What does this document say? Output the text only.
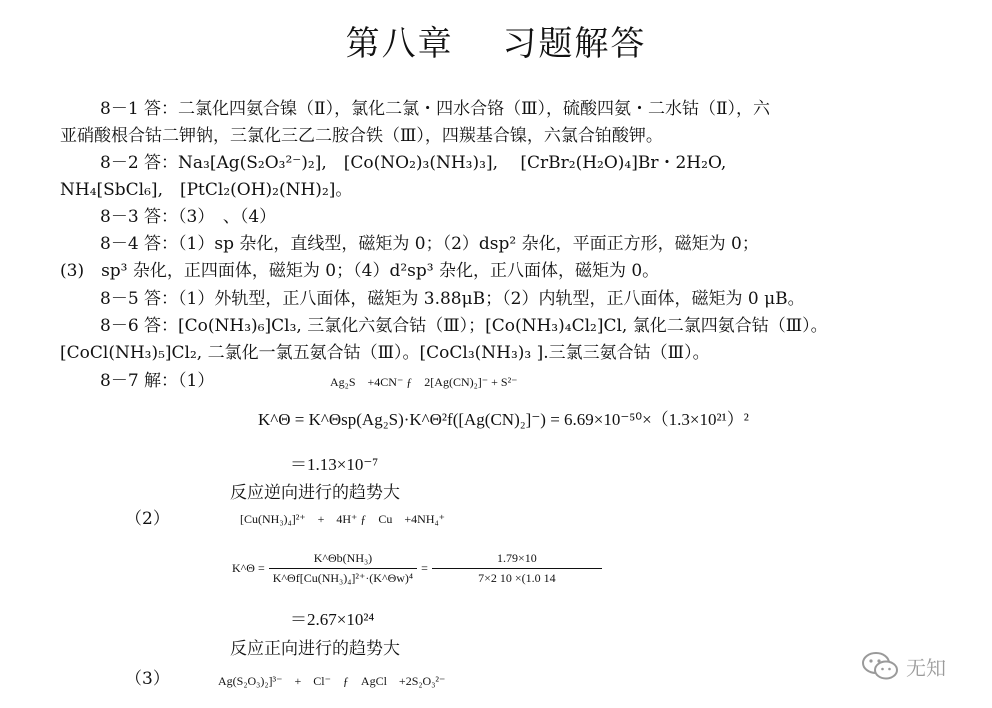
第八章　 习题解答
8－1 答：二氯化四氨合镍（Ⅱ），氯化二氯・四水合铬（Ⅲ），硫酸四氨・二水钴（Ⅱ），六
亚硝酸根合钴二钾钠，三氯化三乙二胺合铁（Ⅲ），四羰基合镍，六氯合铂酸钾。
8－2 答：Na₃[Ag(S₂O₃²⁻)₂],　[Co(NO₂)₃(NH₃)₃],　 [CrBr₂(H₂O)₄]Br・2H₂O,
NH₄[SbCl₆],　[PtCl₂(OH)₂(NH)₂]。
8－3 答：（3）　、（4）
8－4 答：（1）sp 杂化，直线型，磁矩为 0；（2）dsp² 杂化，平面正方形，磁矩为 0；
(3)　sp³ 杂化，正四面体，磁矩为 0；（4）d²sp³ 杂化，正八面体，磁矩为 0。
8－5 答：（1）外轨型，正八面体，磁矩为 3.88μB；（2）内轨型，正八面体，磁矩为 0 μB。
8－6 答：[Co(NH₃)₆]Cl₃, 三氯化六氨合钴（Ⅲ）；[Co(NH₃)₄Cl₂]Cl, 氯化二氯四氨合钴（Ⅲ）。
[CoCl(NH₃)₅]Cl₂, 二氯化一氯五氨合钴（Ⅲ）。[CoCl₃(NH₃)₃ ].三氯三氨合钴（Ⅲ）。
8－7 解：（1）	Ag₂S　+4CN⁻ ƒ　2[Ag(CN)₂]⁻ + S²⁻
K^Θ = K^Θsp(Ag₂S)·K^Θ²f([Ag(CN)₂]⁻) = 6.69×10⁻⁵⁰×（1.3×10²¹）²
＝1.13×10⁻⁷
反应逆向进行的趋势大
（2）	[Cu(NH₃)₄]²⁺　+　4H⁺ ƒ　Cu　+4NH₄⁺
K^Θ = $\frac{\text{K\textasciicircum{}Θb(NH₃)}}{\text{K\textasciicircum{}Θf[Cu(NH₃)₄]²⁺·(K\textasciicircum{}Θw)⁴}} = \frac{1.79\times 10}{7\times 2 10 \times(1.0 14}$
＝2.67×10²⁴
反应正向进行的趋势大
（3）	Ag(S₂O₃)₂]³⁻　+　Cl⁻　ƒ　AgCl　+2S₂O₃²⁻
无知
